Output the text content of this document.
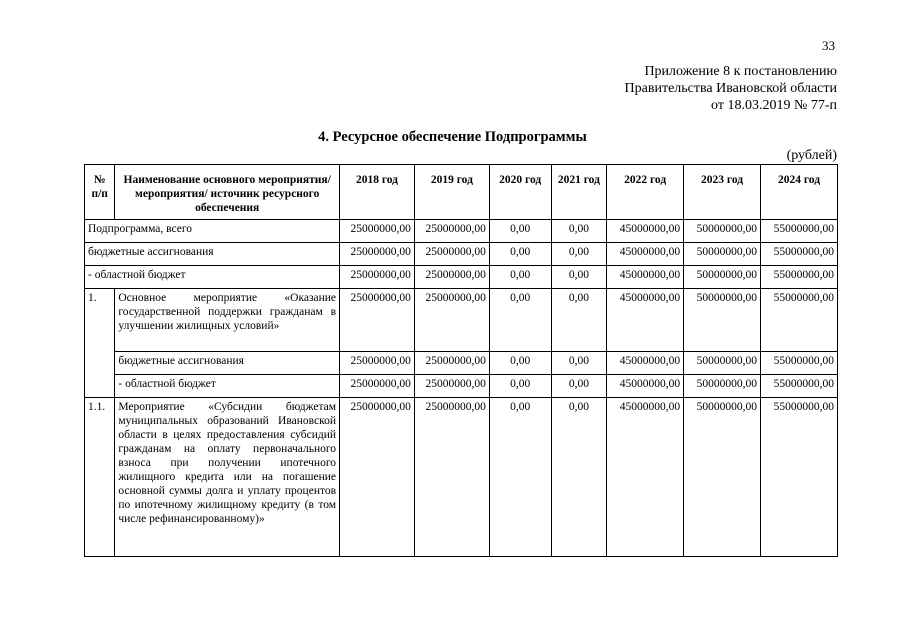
33
Приложение 8 к постановлению
Правительства Ивановской области
от 18.03.2019 № 77-п
4. Ресурсное обеспечение Подпрограммы
(рублей)
№ п/п	Наименование основного мероприятия/мероприятия/ источник ресурсного обеспечения	2018 год	2019 год	2020 год	2021 год	2022 год	2023 год	2024 год
Подпрограмма, всего		25000000,00	25000000,00	0,00	0,00	45000000,00	50000000,00	55000000,00
бюджетные ассигнования		25000000,00	25000000,00	0,00	0,00	45000000,00	50000000,00	55000000,00
- областной бюджет		25000000,00	25000000,00	0,00	0,00	45000000,00	50000000,00	55000000,00
1.	Основное мероприятие «Оказание государственной поддержки гражданам в улучшении жилищных условий»	25000000,00	25000000,00	0,00	0,00	45000000,00	50000000,00	55000000,00
	бюджетные ассигнования	25000000,00	25000000,00	0,00	0,00	45000000,00	50000000,00	55000000,00
	- областной бюджет	25000000,00	25000000,00	0,00	0,00	45000000,00	50000000,00	55000000,00
1.1.	Мероприятие «Субсидии бюджетам муниципальных образований Ивановской области в целях предоставления субсидий гражданам на оплату первоначального взноса при получении ипотечного жилищного кредита или на погашение основной суммы долга и уплату процентов по ипотечному жилищному кредиту (в том числе рефинансированному)»	25000000,00	25000000,00	0,00	0,00	45000000,00	50000000,00	55000000,00
